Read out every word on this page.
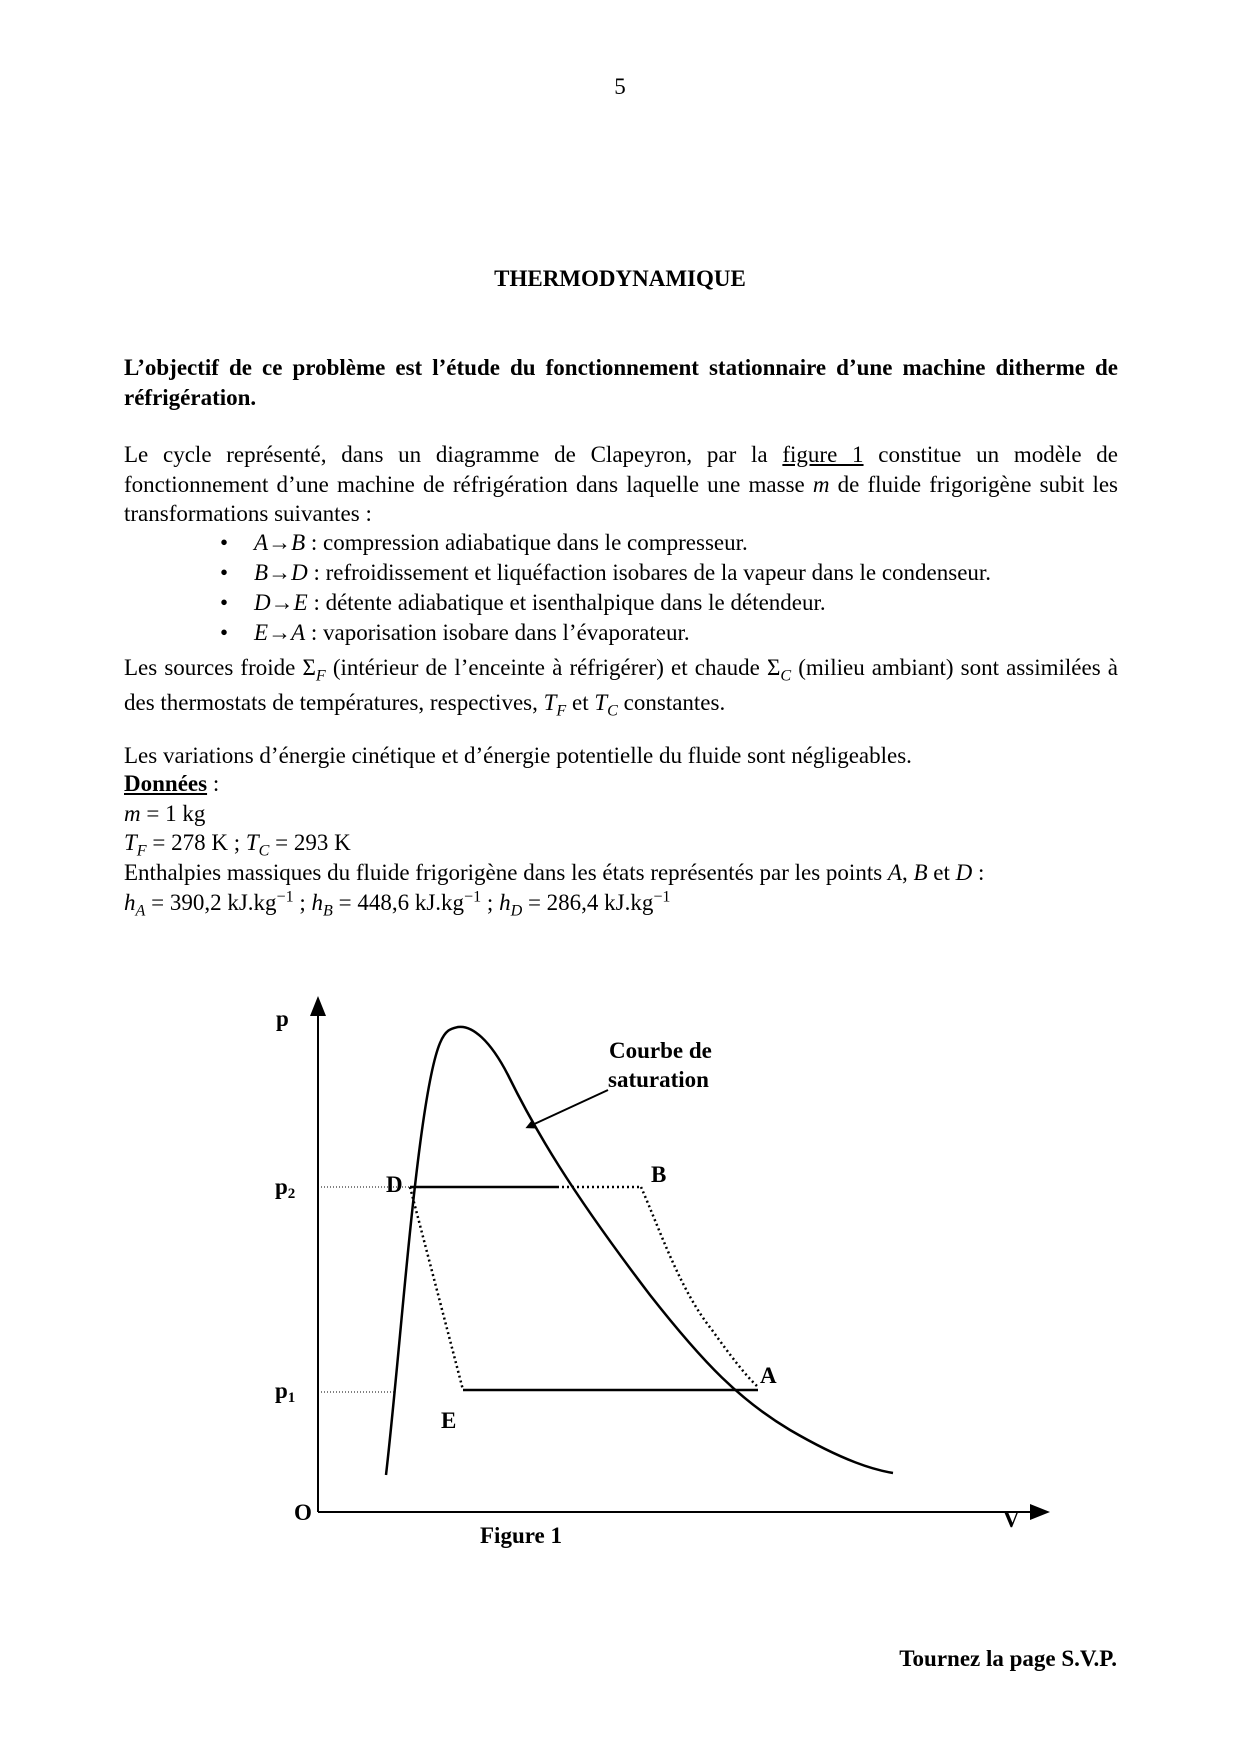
5
THERMODYNAMIQUE
L’objectif de ce problème est l’étude du fonctionnement stationnaire d’une machine ditherme de réfrigération.
Le cycle représenté, dans un diagramme de Clapeyron, par la figure 1 constitue un modèle de fonctionnement d’une machine de réfrigération dans laquelle une masse m de fluide frigorigène subit les transformations suivantes :
• A→B : compression adiabatique dans le compresseur.
• B→D : refroidissement et liquéfaction isobares de la vapeur dans le condenseur.
• D→E : détente adiabatique et isenthalpique dans le détendeur.
• E→A : vaporisation isobare dans l’évaporateur.
Les sources froide $\Sigma_F$ (intérieur de l’enceinte à réfrigérer) et chaude $\Sigma_C$ (milieu ambiant) sont assimilées à des thermostats de températures, respectives, $T_F$ et $T_C$ constantes.
Les variations d’énergie cinétique et d’énergie potentielle du fluide sont négligeables.
Données :
m = 1 kg
$T_F = 278$ K ; $T_C = 293$ K
Enthalpies massiques du fluide frigorigène dans les états représentés par les points A, B et D :
$h_A = 390,2$ $kJ.kg^{-1}$ ; $h_B = 448,6$ $kJ.kg^{-1}$ ; $h_D = 286,4$ $kJ.kg^{-1}$
p
V
O
p2
p1
D	B
A
E
Courbe de
saturation
Figure 1
Tournez la page S.V.P.
